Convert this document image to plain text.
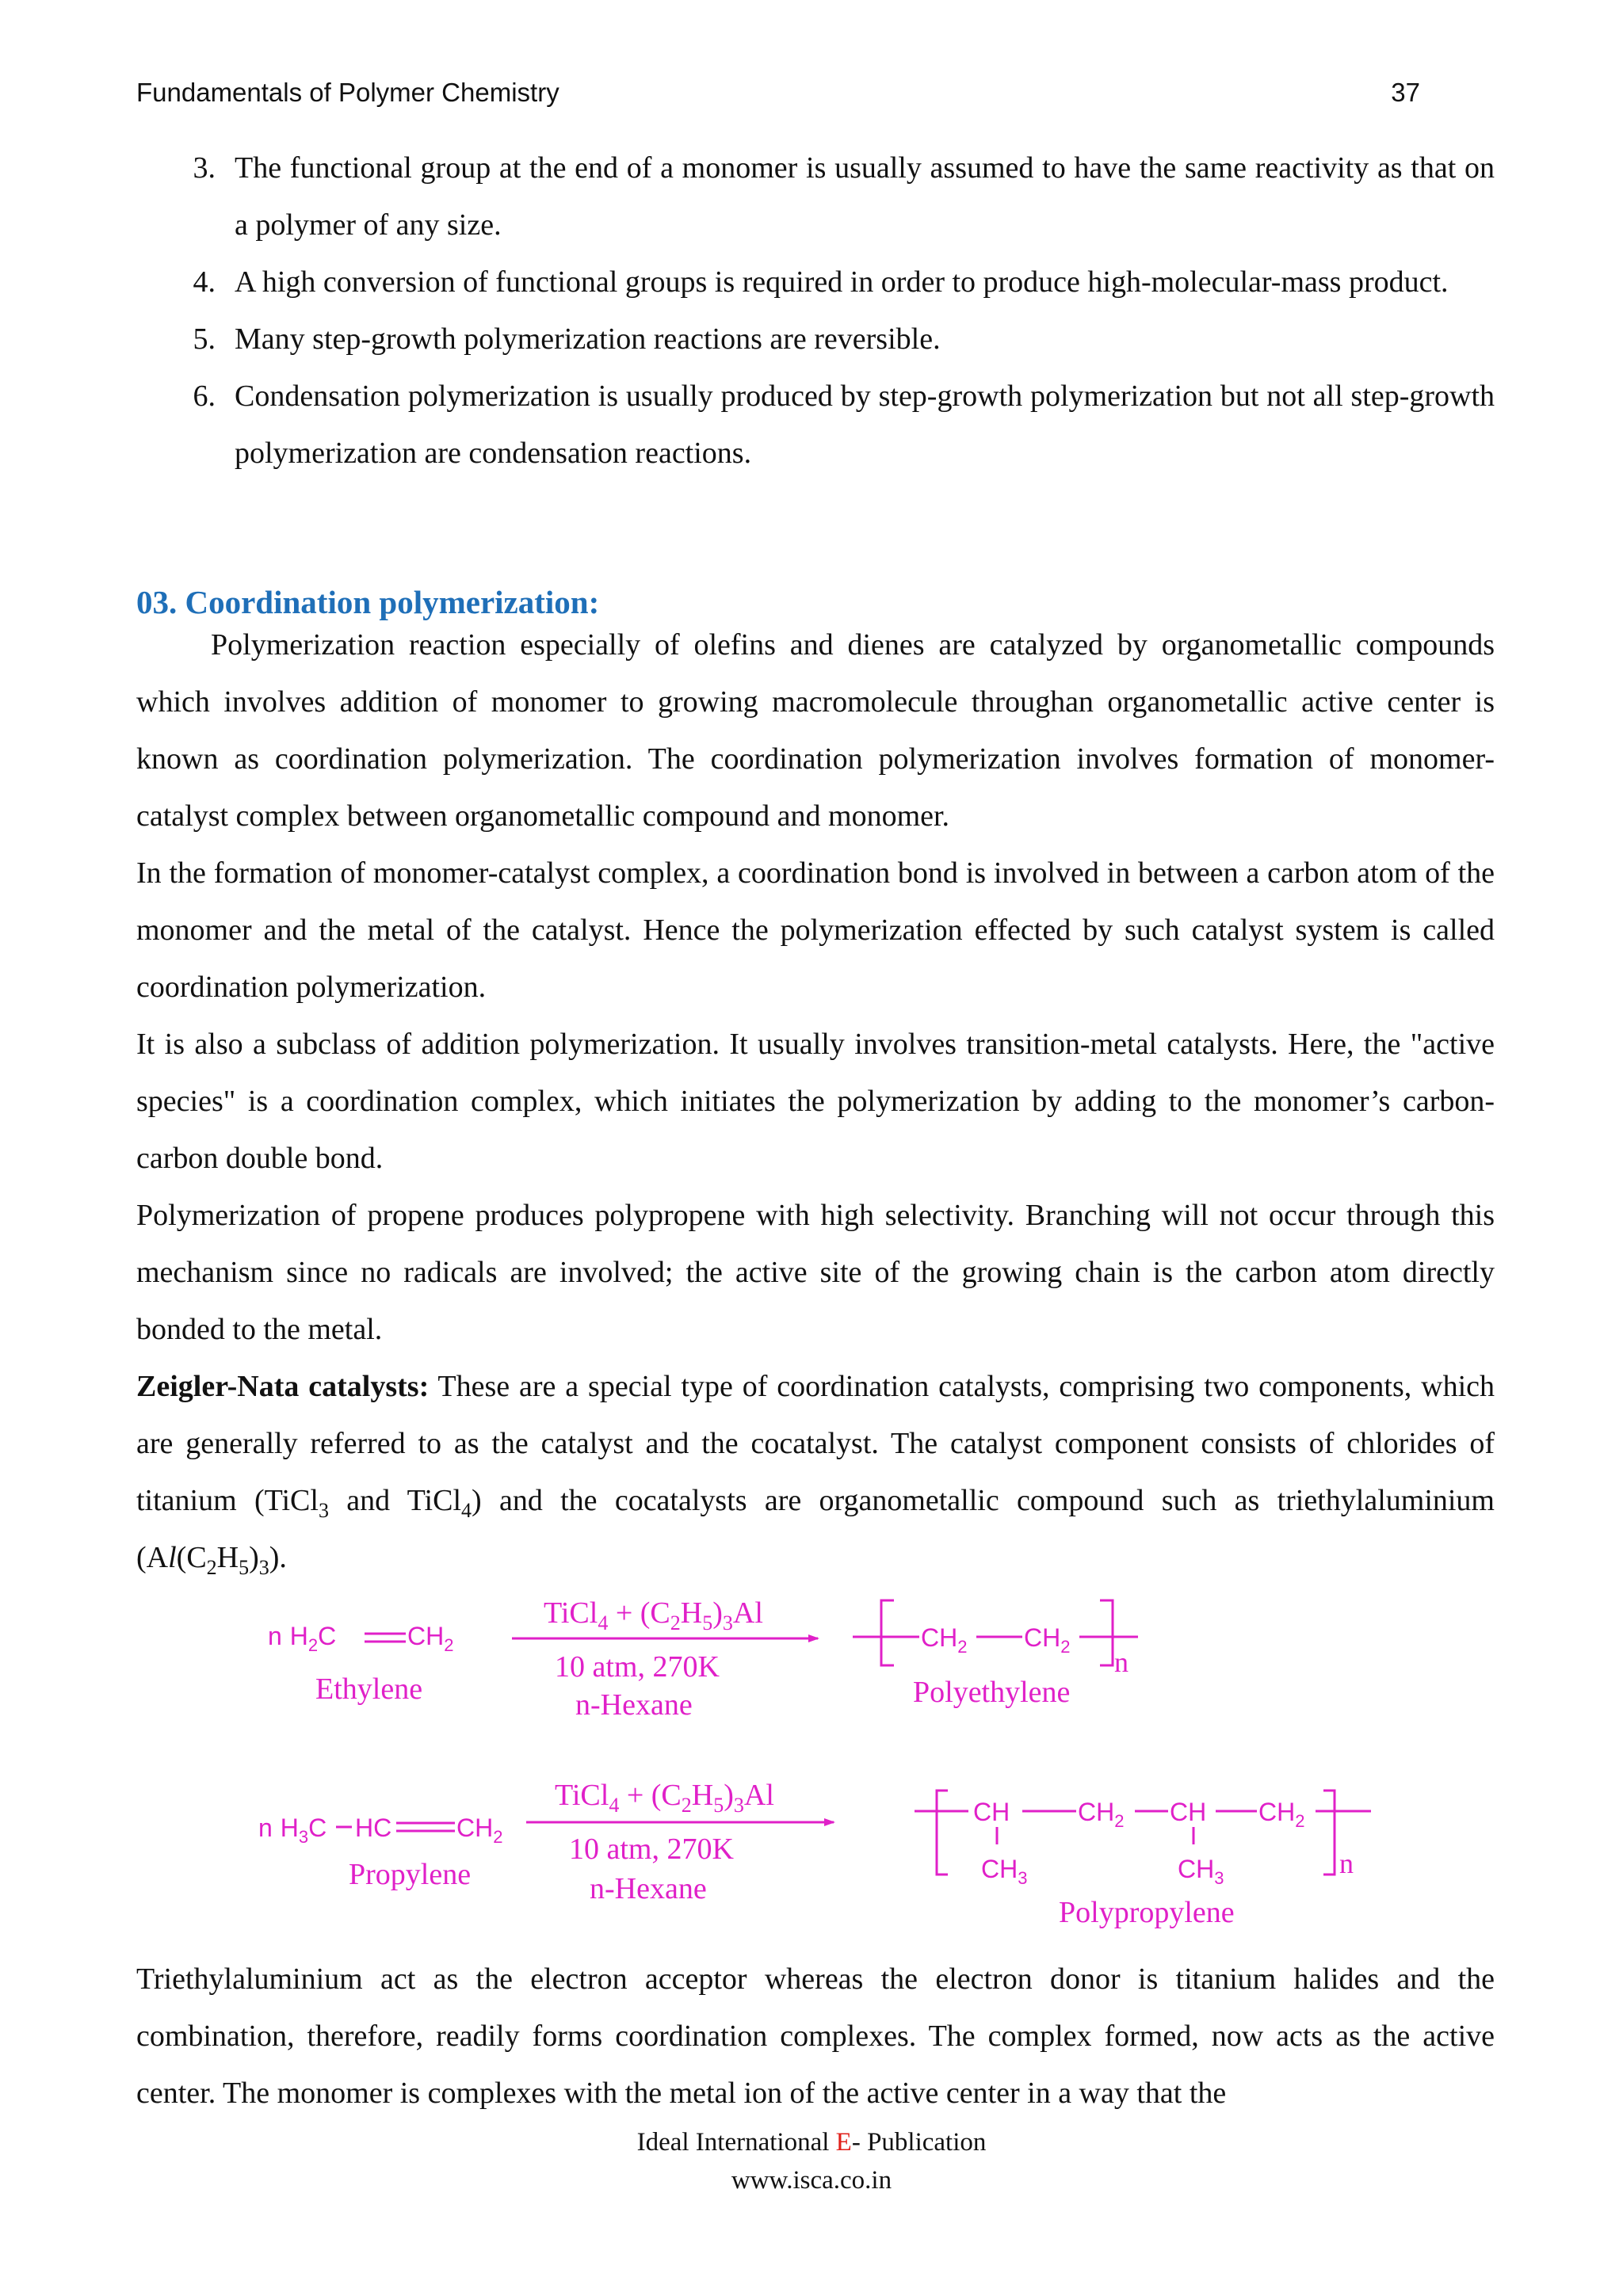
Fundamentals of Polymer Chemistry	37
3. The functional group at the end of a monomer is usually assumed to have the same reactivity as that on a polymer of any size.
4. A high conversion of functional groups is required in order to produce high-molecular-mass product.
5. Many step-growth polymerization reactions are reversible.
6. Condensation polymerization is usually produced by step-growth polymerization but not all step-growth polymerization are condensation reactions.
03. Coordination polymerization:

Polymerization reaction especially of olefins and dienes are catalyzed by organometallic compounds which involves addition of monomer to growing macromolecule throughan organometallic active center is known as coordination polymerization. The coordination polymerization involves formation of monomer-catalyst complex between organometallic compound and monomer.

In the formation of monomer-catalyst complex, a coordination bond is involved in between a carbon atom of the monomer and the metal of the catalyst. Hence the polymerization effected by such catalyst system is called coordination polymerization.

It is also a subclass of addition polymerization. It usually involves transition-metal catalysts. Here, the "active species" is a coordination complex, which initiates the polymerization by adding to the monomer’s carbon-carbon double bond.

Polymerization of propene produces polypropene with high selectivity. Branching will not occur through this mechanism since no radicals are involved; the active site of the growing chain is the carbon atom directly bonded to the metal.

Zeigler-Nata catalysts: These are a special type of coordination catalysts, comprising two components, which are generally referred to as the catalyst and the cocatalyst. The catalyst component consists of chlorides of titanium (TiCl$_3$ and TiCl$_4$) and the cocatalysts are organometallic compound such as triethylaluminium $(Al(C_2H_5)_3)$.

n $H_2C$	$CH_2$
Ethylene
TiCl$_4$ + $(C_2H_5)_3Al$
10 atm, 270K
n-Hexane
$CH_2$ $CH_2$ n
Polyethylene
n $H_3C$ HC	$CH_2$
Propylene
TiCl$_4$ + $(C_2H_5)_3Al$
10 atm, 270K
n-Hexane
CH	$CH_2$ CH $CH_2$
$CH_3$	$CH_3$	n
Polypropylene

Triethylaluminium act as the electron acceptor whereas the electron donor is titanium halides and the combination, therefore, readily forms coordination complexes. The complex formed, now acts as the active center. The monomer is complexes with the metal ion of the active center in a way that the

Ideal International E- Publication
www.isca.co.in
